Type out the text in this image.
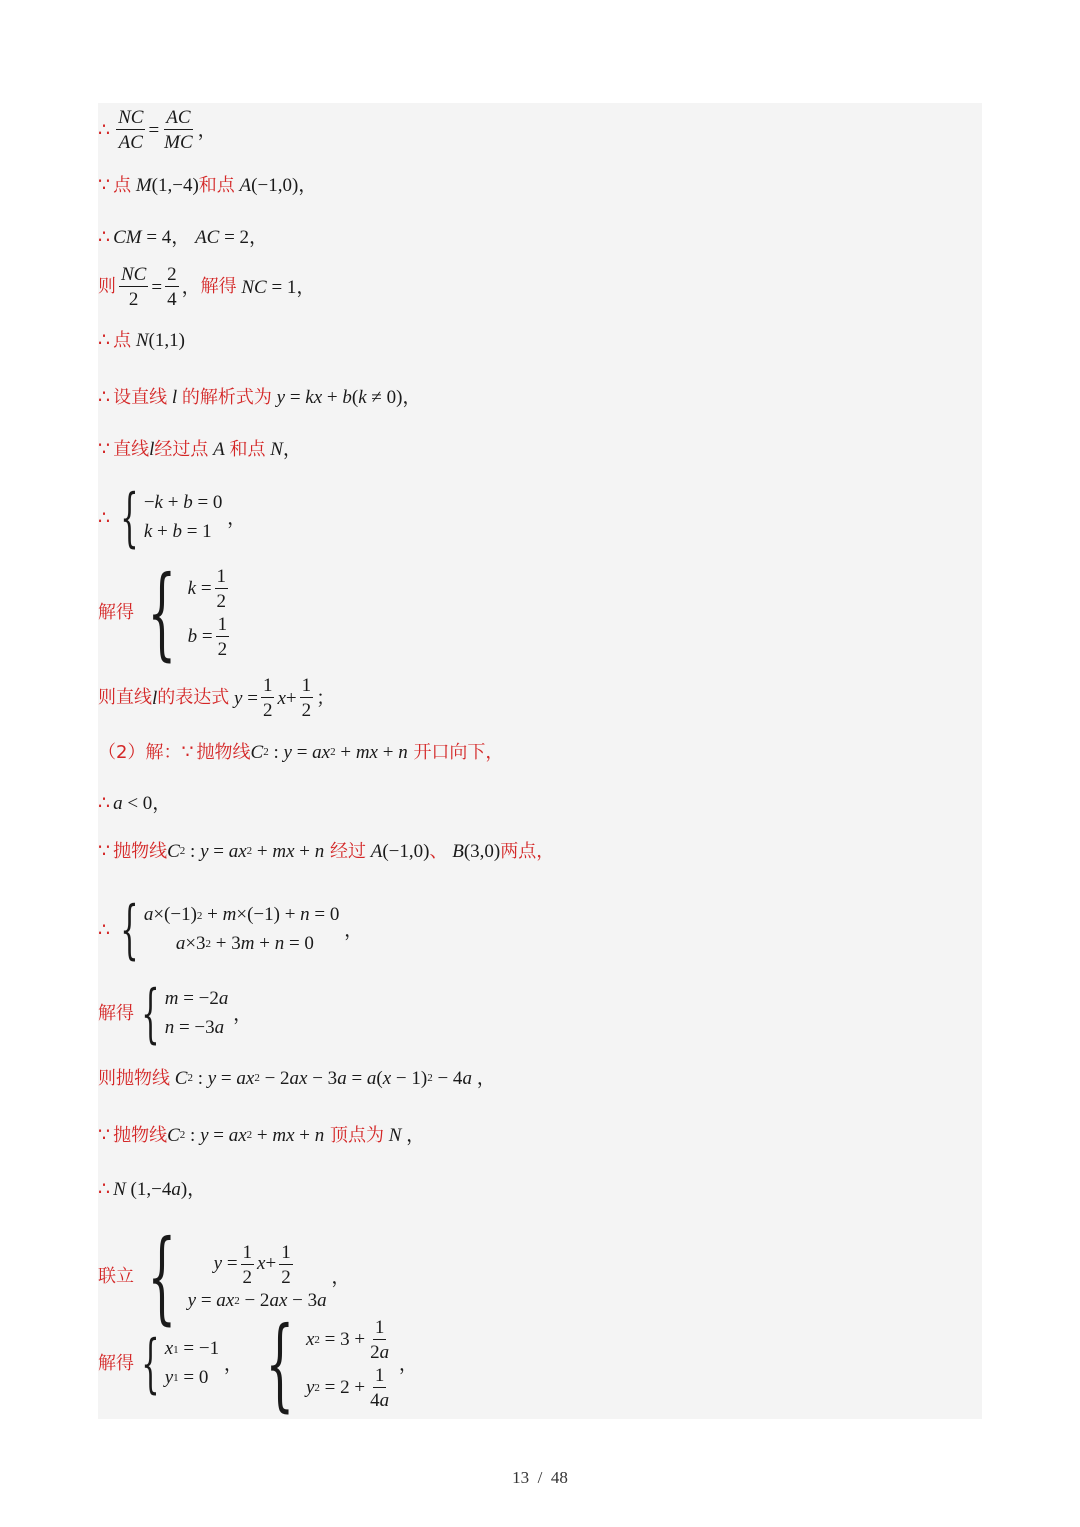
∴ $\frac{NC}{AC} = \frac{AC}{MC}$ ，
∵ 点 M (1,−4) 和点 A (−1,0)，
∴ CM = 4， AC = 2，
则 $\frac{NC}{2} = \frac{2}{4}$ ， 解得 NC = 1，
∴ 点 N (1,1)
∴ 设直线 l 的解析式为 y = kx + b ( k ≠ 0)，
∵ 直线 l 经过点 A 和点 N ，
∴ { − k + b = 0
k + b = 1
，
解得 { $k = \frac{1}{2}$
$b = \frac{1}{2}$
则直线 l 的表达式 $y = \frac{1}{2}$ $x + \frac{1}{2}$ ；
（2）解： ∵ 抛物线 C 2 : y = ax 2 + mx + n
开口向下，
∴ a < 0，
∵ 抛物线 C 2 : y = ax 2 + mx + n
经过 A (−1,0) 、 B (3,0) 两点，
∴ { a ×(−1) 2 + m ×(−1) + n = 0
a ×3 2 + 3 m + n = 0
，
解得 { m = −2 a
n = −3 a
，
则抛物线 C 2 : y = ax 2 − 2 ax − 3 a = a ( x − 1) 2 − 4 a ，
∵ 抛物线 C 2 : y = ax 2 + mx + n
顶点为 N ，
∴ N (1,−4 a )，
联立 { $y = \frac{1}{2}$ $x + \frac{1}{2}$
y = ax 2 − 2 ax − 3 a
，
解得 { x 1 = −1
y 1 = 0
， { x $2 = 3 + \frac{1}{2a}$
y $2 = 2 + \frac{1}{4a}$
，
13 / 48
